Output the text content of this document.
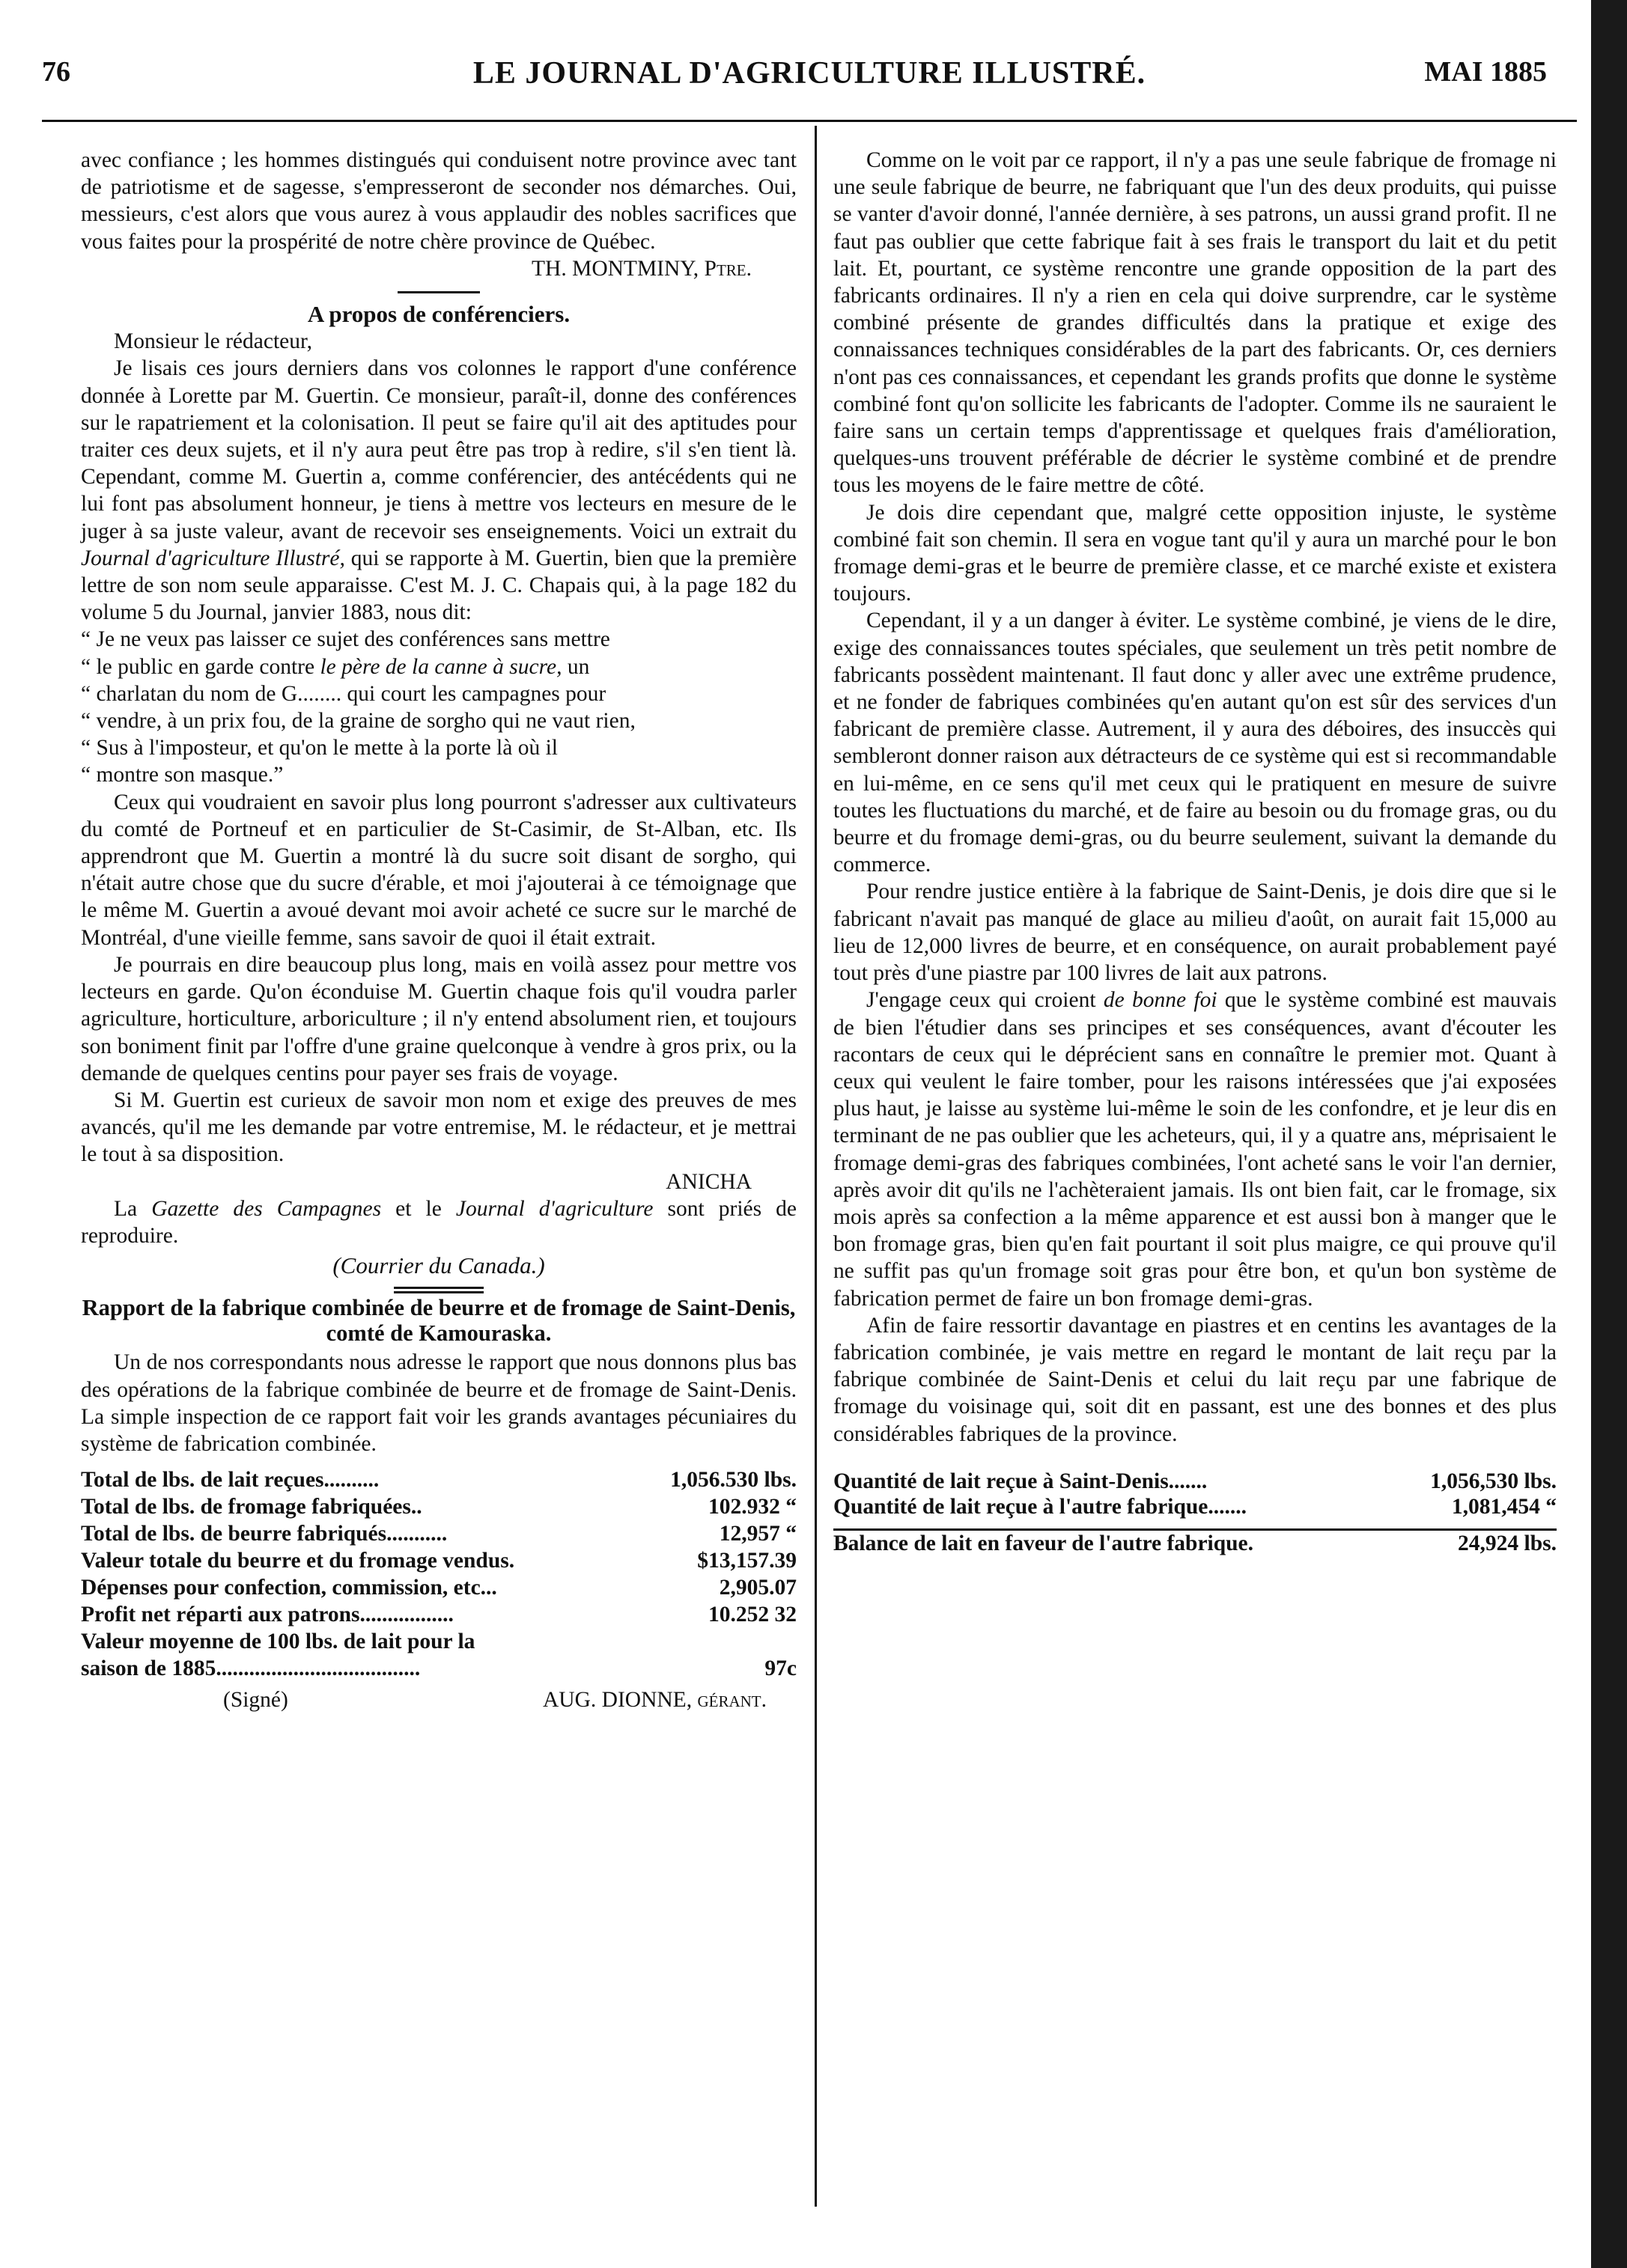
76	LE JOURNAL D'AGRICULTURE ILLUSTRÉ.	MAI 1885

avec confiance ; les hommes distingués qui conduisent notre province avec tant de patriotisme et de sagesse, s'empresseront de seconder nos démarches. Oui, messieurs, c'est alors que vous aurez à vous applaudir des nobles sacrifices que vous faites pour la prospérité de notre chère province de Québec.

TH. MONTMINY, Ptre.
A propos de conférenciers.

Monsieur le rédacteur,

Je lisais ces jours derniers dans vos colonnes le rapport d'une conférence donnée à Lorette par M. Guertin. Ce monsieur, paraît-il, donne des conférences sur le rapatriement et la colonisation. Il peut se faire qu'il ait des aptitudes pour traiter ces deux sujets, et il n'y aura peut être pas trop à redire, s'il s'en tient là. Cependant, comme M. Guertin a, comme conférencier, des antécédents qui ne lui font pas absolument honneur, je tiens à mettre vos lecteurs en mesure de le juger à sa juste valeur, avant de recevoir ses enseignements. Voici un extrait du Journal d'agriculture Illustré, qui se rapporte à M. Guertin, bien que la première lettre de son nom seule apparaisse. C'est M. J. C. Chapais qui, à la page 182 du volume 5 du Journal, janvier 1883, nous dit:

“ Je ne veux pas laisser ce sujet des conférences sans mettre

“ le public en garde contre le père de la canne à sucre, un

“ charlatan du nom de G........ qui court les campagnes pour

“ vendre, à un prix fou, de la graine de sorgho qui ne vaut rien,

“ Sus à l'imposteur, et qu'on le mette à la porte là où il

“ montre son masque.”

Ceux qui voudraient en savoir plus long pourront s'adresser aux cultivateurs du comté de Portneuf et en particulier de St-Casimir, de St-Alban, etc. Ils apprendront que M. Guertin a montré là du sucre soit disant de sorgho, qui n'était autre chose que du sucre d'érable, et moi j'ajouterai à ce témoignage que le même M. Guertin a avoué devant moi avoir acheté ce sucre sur le marché de Montréal, d'une vieille femme, sans savoir de quoi il était extrait.

Je pourrais en dire beaucoup plus long, mais en voilà assez pour mettre vos lecteurs en garde. Qu'on éconduise M. Guertin chaque fois qu'il voudra parler agriculture, horticulture, arboriculture ; il n'y entend absolument rien, et toujours son boniment finit par l'offre d'une graine quelconque à vendre à gros prix, ou la demande de quelques centins pour payer ses frais de voyage.

Si M. Guertin est curieux de savoir mon nom et exige des preuves de mes avancés, qu'il me les demande par votre entremise, M. le rédacteur, et je mettrai le tout à sa disposition.

ANICHA

La Gazette des Campagnes et le Journal d'agriculture sont priés de reproduire.

(Courrier du Canada.)
Rapport de la fabrique combinée de beurre et de fromage de Saint-Denis, comté de Kamouraska.

Un de nos correspondants nous adresse le rapport que nous donnons plus bas des opérations de la fabrique combinée de beurre et de fromage de Saint-Denis. La simple inspection de ce rapport fait voir les grands avantages pécuniaires du système de fabrication combinée.

Total de lbs. de lait reçues..........	1,056.530 lbs.
Total de lbs. de fromage fabriquées..	102.932 “
Total de lbs. de beurre fabriqués...........	12,957 “
Valeur totale du beurre et du fromage vendus.	$13,157.39
Dépenses pour confection, commission, etc...	2,905.07
Profit net réparti aux patrons.................	10.252 32
Valeur moyenne de 100 lbs. de lait pour la	
saison de 1885.....................................	97c
(Signé)	AUG. DIONNE, gérant.

Comme on le voit par ce rapport, il n'y a pas une seule fabrique de fromage ni une seule fabrique de beurre, ne fabriquant que l'un des deux produits, qui puisse se vanter d'avoir donné, l'année dernière, à ses patrons, un aussi grand profit. Il ne faut pas oublier que cette fabrique fait à ses frais le transport du lait et du petit lait. Et, pourtant, ce système rencontre une grande opposition de la part des fabricants ordinaires. Il n'y a rien en cela qui doive surprendre, car le système combiné présente de grandes difficultés dans la pratique et exige des connaissances techniques considérables de la part des fabricants. Or, ces derniers n'ont pas ces connaissances, et cependant les grands profits que donne le système combiné font qu'on sollicite les fabricants de l'adopter. Comme ils ne sauraient le faire sans un certain temps d'apprentissage et quelques frais d'amélioration, quelques-uns trouvent préférable de décrier le système combiné et de prendre tous les moyens de le faire mettre de côté.

Je dois dire cependant que, malgré cette opposition injuste, le système combiné fait son chemin. Il sera en vogue tant qu'il y aura un marché pour le bon fromage demi-gras et le beurre de première classe, et ce marché existe et existera toujours.

Cependant, il y a un danger à éviter. Le système combiné, je viens de le dire, exige des connaissances toutes spéciales, que seulement un très petit nombre de fabricants possèdent maintenant. Il faut donc y aller avec une extrême prudence, et ne fonder de fabriques combinées qu'en autant qu'on est sûr des services d'un fabricant de première classe. Autrement, il y aura des déboires, des insuccès qui sembleront donner raison aux détracteurs de ce système qui est si recommandable en lui-même, en ce sens qu'il met ceux qui le pratiquent en mesure de suivre toutes les fluctuations du marché, et de faire au besoin ou du fromage gras, ou du beurre et du fromage demi-gras, ou du beurre seulement, suivant la demande du commerce.

Pour rendre justice entière à la fabrique de Saint-Denis, je dois dire que si le fabricant n'avait pas manqué de glace au milieu d'août, on aurait fait 15,000 au lieu de 12,000 livres de beurre, et en conséquence, on aurait probablement payé tout près d'une piastre par 100 livres de lait aux patrons.

J'engage ceux qui croient de bonne foi que le système combiné est mauvais de bien l'étudier dans ses principes et ses conséquences, avant d'écouter les racontars de ceux qui le déprécient sans en connaître le premier mot. Quant à ceux qui veulent le faire tomber, pour les raisons intéressées que j'ai exposées plus haut, je laisse au système lui-même le soin de les confondre, et je leur dis en terminant de ne pas oublier que les acheteurs, qui, il y a quatre ans, méprisaient le fromage demi-gras des fabriques combinées, l'ont acheté sans le voir l'an dernier, après avoir dit qu'ils ne l'achèteraient jamais. Ils ont bien fait, car le fromage, six mois après sa confection a la même apparence et est aussi bon à manger que le bon fromage gras, bien qu'en fait pourtant il soit plus maigre, ce qui prouve qu'il ne suffit pas qu'un fromage soit gras pour être bon, et qu'un bon système de fabrication permet de faire un bon fromage demi-gras.

Afin de faire ressortir davantage en piastres et en centins les avantages de la fabrication combinée, je vais mettre en regard le montant de lait reçu par la fabrique combinée de Saint-Denis et celui du lait reçu par une fabrique de fromage du voisinage qui, soit dit en passant, est une des bonnes et des plus considérables fabriques de la province.

Quantité de lait reçue à Saint-Denis.......	1,056,530 lbs.
Quantité de lait reçue à l'autre fabrique.......	1,081,454 “
Balance de lait en faveur de l'autre fabrique.	24,924 lbs.
